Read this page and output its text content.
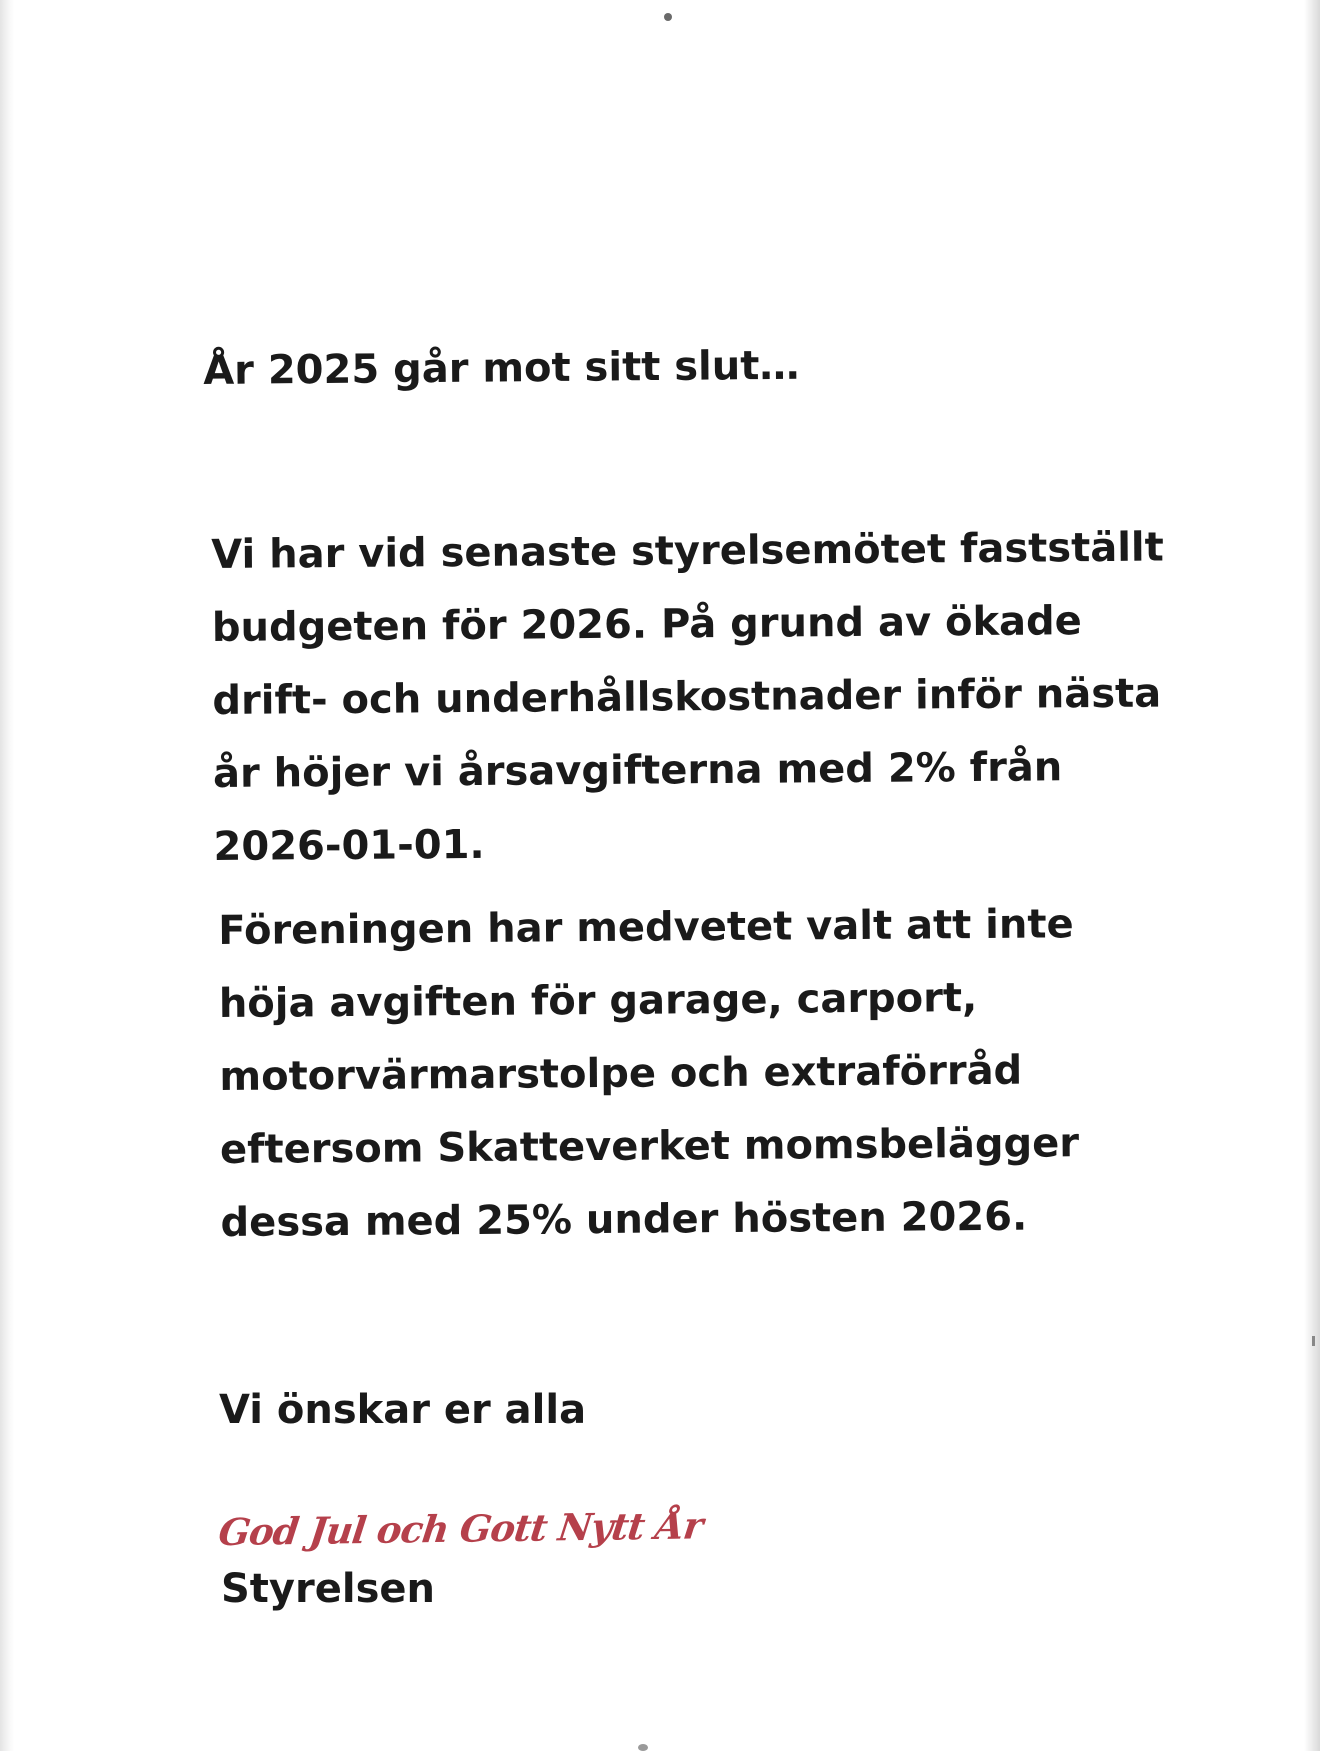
År 2025 går mot sitt slut…
Vi har vid senaste styrelsemötet fastställt
budgeten för 2026. På grund av ökade
drift- och underhållskostnader inför nästa
år höjer vi årsavgifterna med 2% från
2026-01-01.
Föreningen har medvetet valt att inte
höja avgiften för garage, carport,
motorvärmarstolpe och extraförråd
eftersom Skatteverket momsbelägger
dessa med 25% under hösten 2026.

Vi önskar er alla

God Jul och Gott Nytt År

Styrelsen
